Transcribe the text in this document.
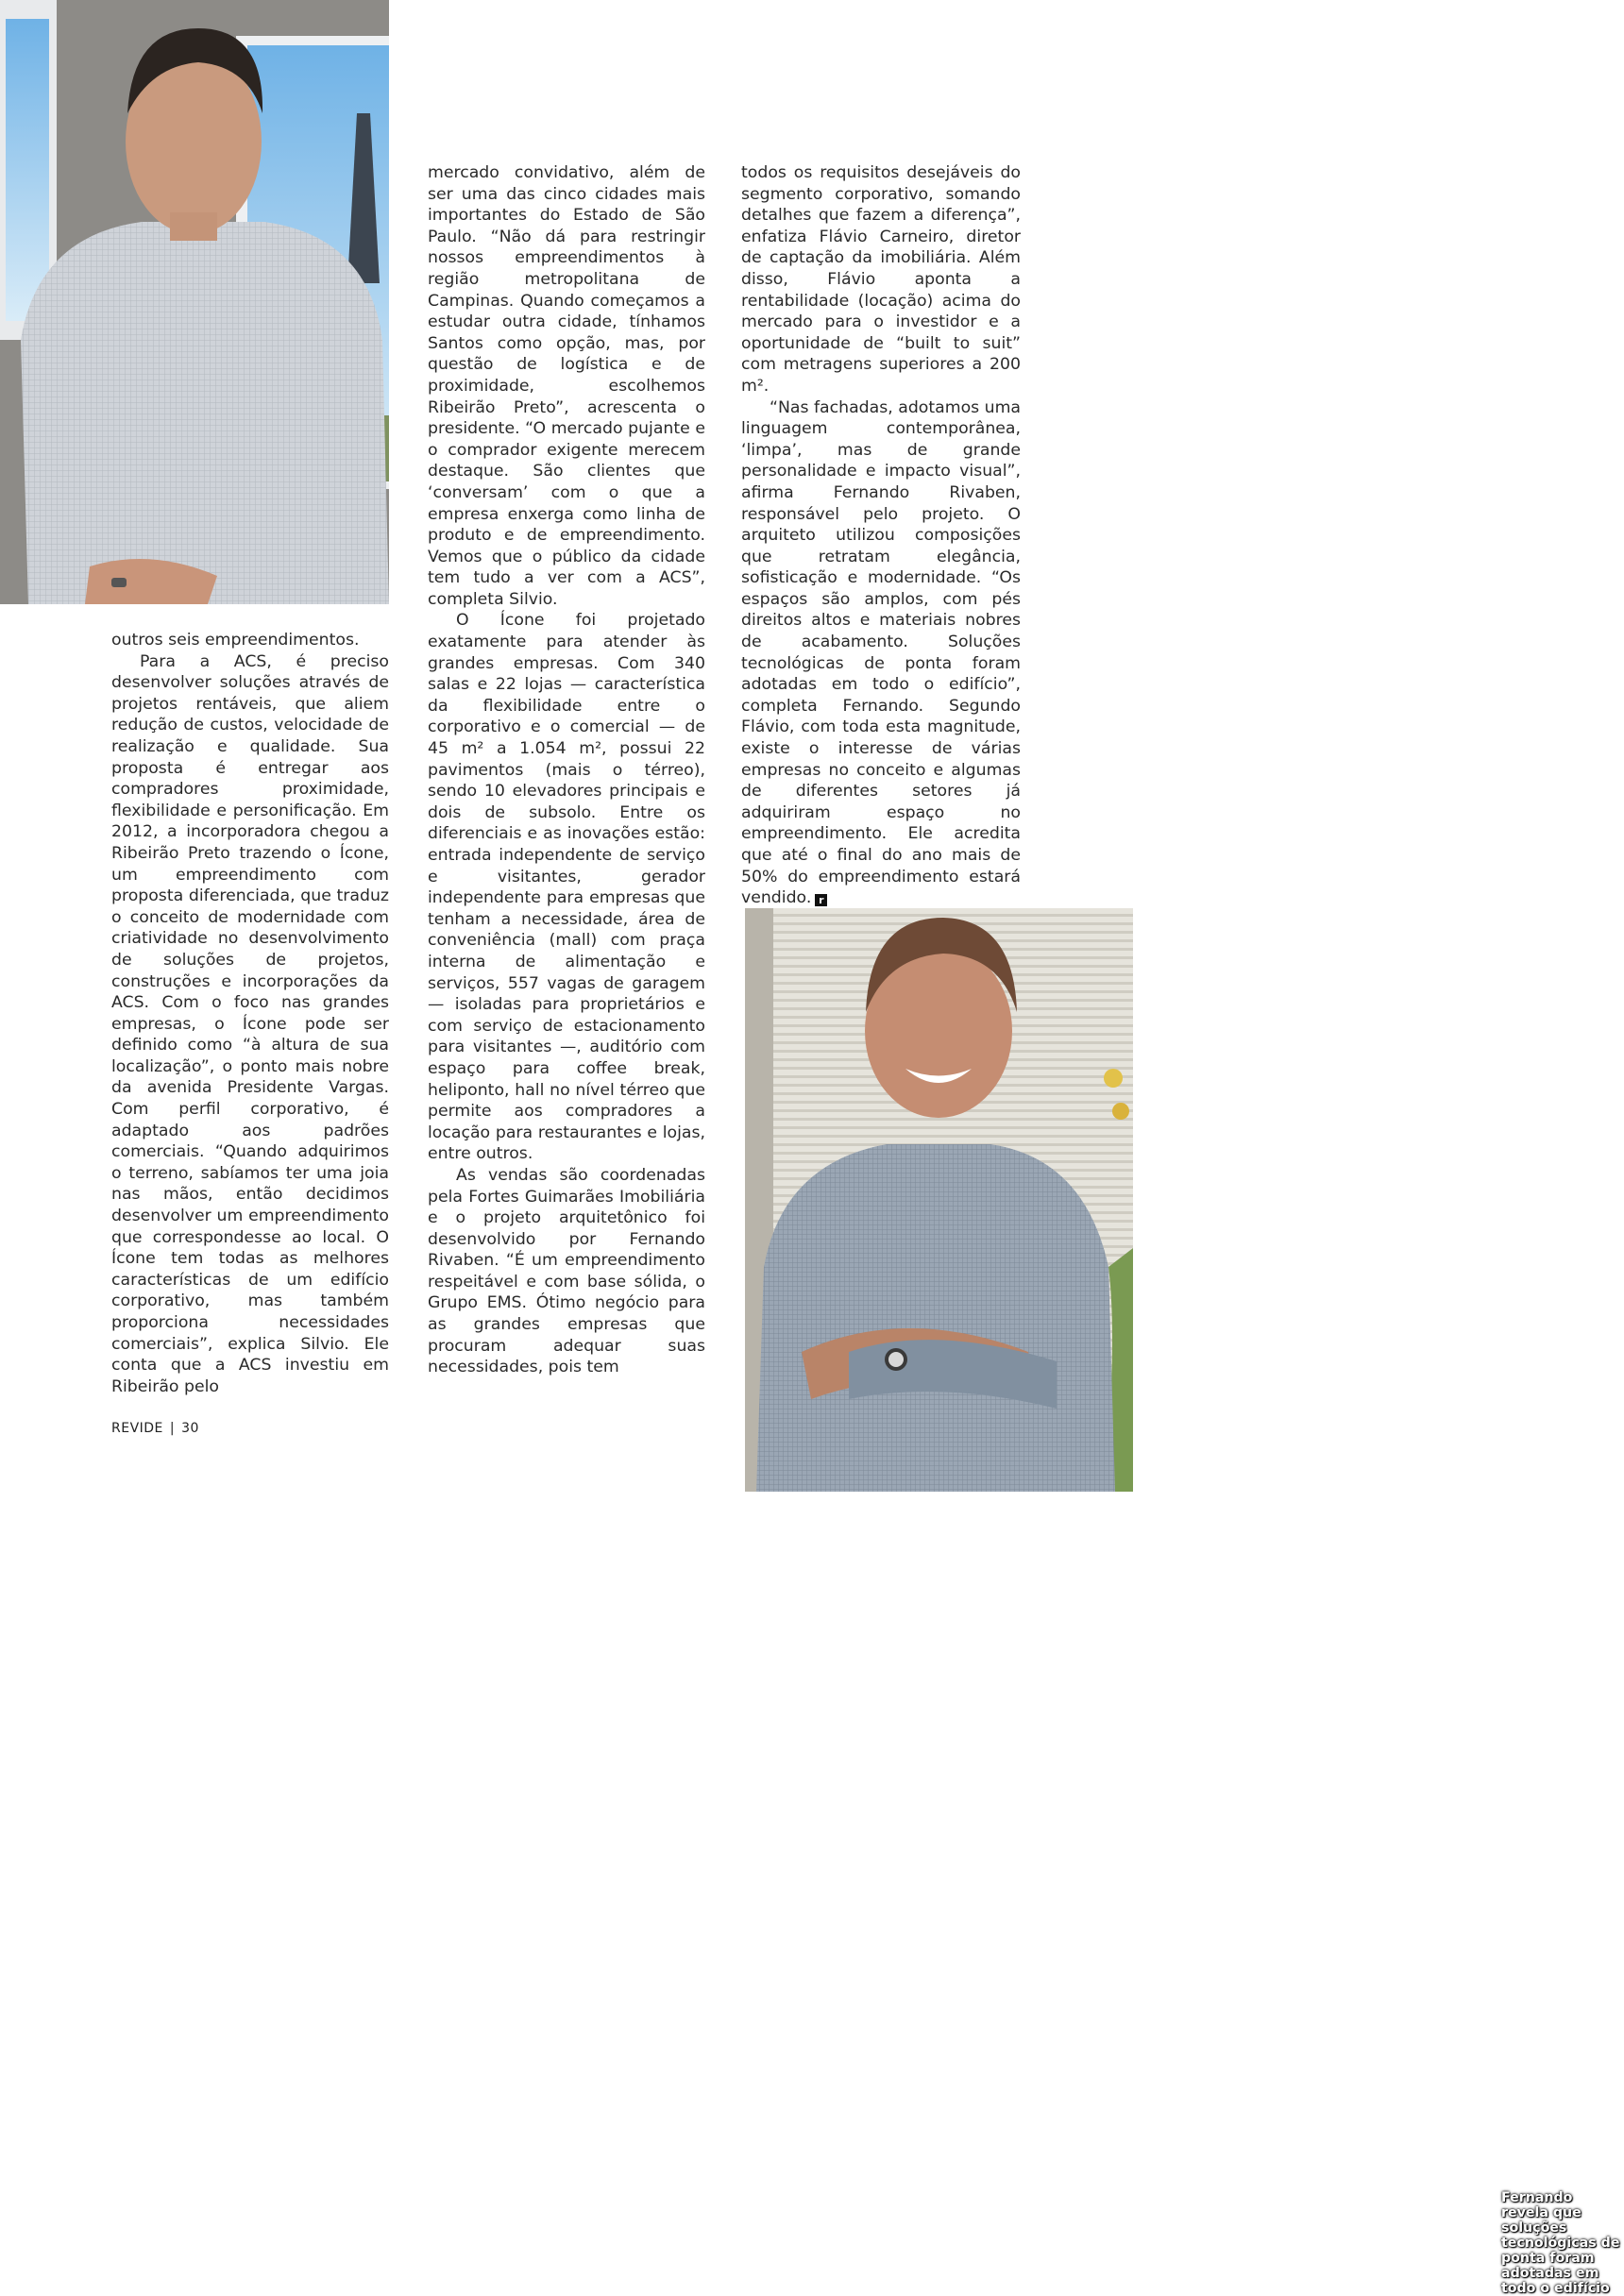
outros seis empreendimentos.

Para a ACS, é preciso desenvolver soluções através de projetos rentáveis, que aliem redução de custos, velocidade de realização e qualidade. Sua proposta é entregar aos compradores proximidade, flexibilidade e personificação. Em 2012, a incorporadora chegou a Ribeirão Preto trazendo o Ícone, um empreendimento com proposta diferenciada, que traduz o conceito de modernidade com criatividade no desenvolvimento de soluções de projetos, construções e incorporações da ACS. Com o foco nas grandes empresas, o Ícone pode ser definido como “à altura de sua localização”, o ponto mais nobre da avenida Presidente Vargas. Com perfil corporativo, é adaptado aos padrões comerciais. “Quando adquirimos o terreno, sabíamos ter uma joia nas mãos, então decidimos desenvolver um empreendimento que correspondesse ao local. O Ícone tem todas as melhores características de um edifício corporativo, mas também proporciona necessidades comerciais”, explica Silvio. Ele conta que a ACS investiu em Ribeirão pelo

mercado convidativo, além de ser uma das cinco cidades mais importantes do Estado de São Paulo. “Não dá para restringir nossos empreendimentos à região metropolitana de Campinas. Quando começamos a estudar outra cidade, tínhamos Santos como opção, mas, por questão de logística e de proximidade, escolhemos Ribeirão Preto”, acrescenta o presidente. “O mercado pujante e o comprador exigente merecem destaque. São clientes que ‘conversam’ com o que a empresa enxerga como linha de produto e de empreendimento. Vemos que o público da cidade tem tudo a ver com a ACS”, completa Silvio.

O Ícone foi projetado exatamente para atender às grandes empresas. Com 340 salas e 22 lojas — característica da flexibilidade entre o corporativo e o comercial — de 45 m² a 1.054 m², possui 22 pavimentos (mais o térreo), sendo 10 elevadores principais e dois de subsolo. Entre os diferenciais e as inovações estão: entrada independente de serviço e visitantes, gerador independente para empresas que tenham a necessidade, área de conveniência (mall) com praça interna de alimentação e serviços, 557 vagas de garagem — isoladas para proprietários e com serviço de estacionamento para visitantes —, auditório com espaço para coffee break, heliponto, hall no nível térreo que permite aos compradores a locação para restaurantes e lojas, entre outros.

As vendas são coordenadas pela Fortes Guimarães Imobiliária e o projeto arquitetônico foi desenvolvido por Fernando Rivaben. “É um empreendimento respeitável e com base sólida, o Grupo EMS. Ótimo negócio para as grandes empresas que procuram adequar suas necessidades, pois tem

todos os requisitos desejáveis do segmento corporativo, somando detalhes que fazem a diferença”, enfatiza Flávio Carneiro, diretor de captação da imobiliária. Além disso, Flávio aponta a rentabilidade (locação) acima do mercado para o investidor e a oportunidade de “built to suit” com metragens superiores a 200 m².

“Nas fachadas, adotamos uma linguagem contemporânea, ‘limpa’, mas de grande personalidade e impacto visual”, afirma Fernando Rivaben, responsável pelo projeto. O arquiteto utilizou composições que retratam elegância, sofisticação e modernidade. “Os espaços são amplos, com pés direitos altos e materiais nobres de acabamento. Soluções tecnológicas de ponta foram adotadas em todo o edifício”, completa Fernando. Segundo Flávio, com toda esta magnitude, existe o interesse de várias empresas no conceito e algumas de diferentes setores já adquiriram espaço no empreendimento. Ele acredita que até o final do ano mais de 50% do empreendimento estará vendido. r

Fernando revela que soluções tecnológicas de ponta foram adotadas em todo o edifício
REVIDE | 30
